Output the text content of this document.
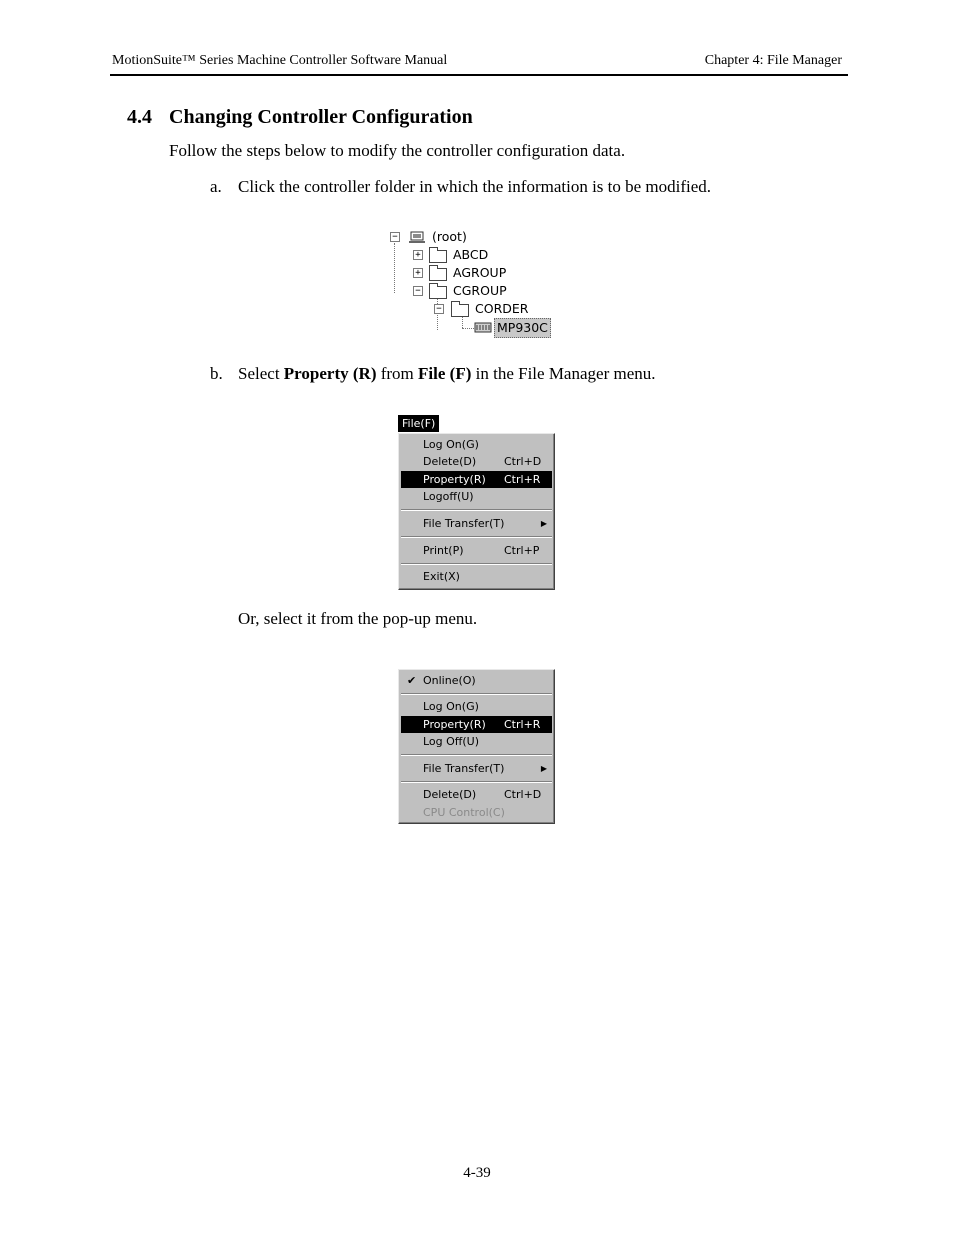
MotionSuite™ Series Machine Controller Software Manual	Chapter 4: File Manager
4.4 Changing Controller Configuration
Follow the steps below to modify the controller configuration data.
a. Click the controller folder in which the information is to be modified.
−	(root)
+	ABCD
+	AGROUP
−	CGROUP
−	CORDER
MP930C
b. Select Property (R) from File (F) in the File Manager menu.
File(F)
Log On(G)
Delete(D)	Ctrl+D
Property(R) Ctrl+R
Logoff(U)
File Transfer(T)	▶
Print(P)	Ctrl+P
Exit(X)
Or, select it from the pop-up menu.
✔ Online(O)
Log On(G)
Property(R) Ctrl+R
Log Off(U)
File Transfer(T)	▶
Delete(D)	Ctrl+D
CPU Control(C)
4-39
